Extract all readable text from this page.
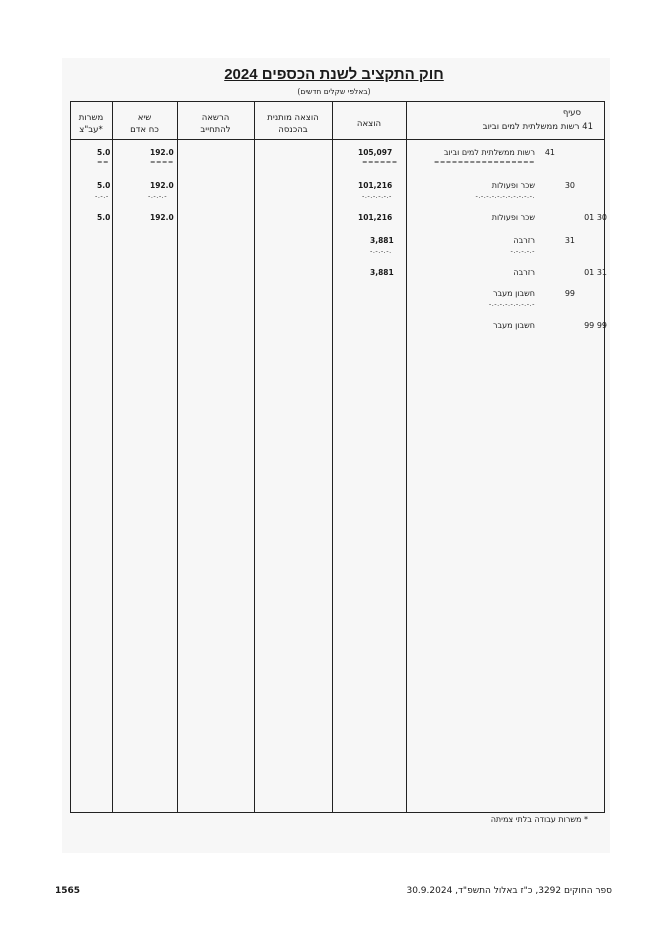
חוק התקציב לשנת הכספים 2024
(באלפי שקלים חדשים)
משרות
עב"צ*
שיא
כח אדם
הרשאה
להתחייב
הוצאה מותנית
בהכנסה
הוצאה
סעיף
41 רשות ממשלתית למים וביוב
41
רשות ממשלתית למים וביוב
=================
105,097
======
192.0
====
5.0
==
30
שכר ופעולות
-.-.-.-.-.-.-.-.-.-.-.
101,216
-.-.-.-.-.-
192.0
-.-.-.-
5.0
-.-.-
01 30
שכר ופעולות
101,216
192.0
5.0
31
רזרבה
-.-.-.-.-
3,881
-.-.-.-.
01 31
רזרבה
3,881
99
חשבון מעבר
-.-.-.-.-.-.-.-.-
99 99
חשבון מעבר
* משרות עבודה בלתי צמיתה
1565	ספר החוקים 3292, כ"ז באלול התשפ"ד, 30.9.2024
